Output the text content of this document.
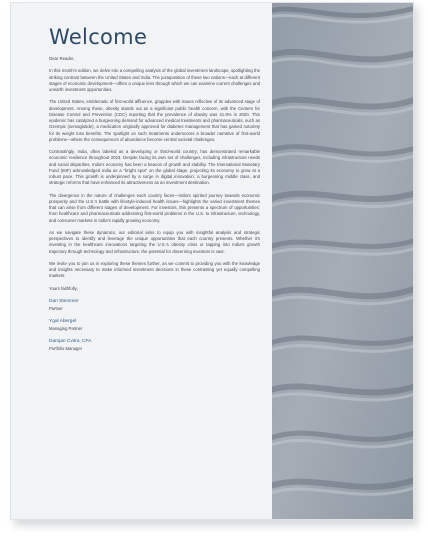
Welcome

Dear Reader,

In this month's edition, we delve into a compelling analysis of the global investment landscape, spotlighting the striking contrast between the United States and India. The juxtaposition of these two nations—each at different stages of economic development—offers a unique lens through which we can examine current challenges and unearth investment opportunities.

The United States, emblematic of first-world affluence, grapples with issues reflective of its advanced stage of development. Among these, obesity stands out as a significant public health concern, with the Centers for Disease Control and Prevention (CDC) reporting that the prevalence of obesity was 41.9% in 2020. This epidemic has catalyzed a burgeoning demand for advanced medical treatments and pharmaceuticals, such as Ozempic (semaglutide), a medication originally approved for diabetes management that has gained notoriety for its weight loss benefits. The spotlight on such treatments underscores a broader narrative of first-world problems—where the consequences of abundance become central societal challenges.

Contrastingly, India, often labeled as a developing or third-world country, has demonstrated remarkable economic resilience throughout 2023. Despite facing its own set of challenges, including infrastructure needs and social disparities, India's economy has been a beacon of growth and stability. The International Monetary Fund (IMF) acknowledged India as a "bright spot" on the global stage, projecting its economy to grow at a robust pace. This growth is underpinned by a surge in digital innovation, a burgeoning middle class, and strategic reforms that have enhanced its attractiveness as an investment destination.

The divergence in the nature of challenges each country faces—India's spirited journey towards economic prosperity and the U.S.'s battle with lifestyle-induced health issues—highlights the varied investment themes that can arise from different stages of development. For investors, this presents a spectrum of opportunities: from healthcare and pharmaceuticals addressing first-world problems in the U.S. to infrastructure, technology, and consumer markets in India's rapidly growing economy.

As we navigate these dynamics, our editorial aims to equip you with insightful analysis and strategic perspectives to identify and leverage the unique opportunities that each country presents. Whether it's investing in the healthcare innovations targeting the U.S.'s obesity crisis or tapping into India's growth trajectory through technology and infrastructure, the potential for discerning investors is vast.

We invite you to join us in exploring these themes further, as we commit to providing you with the knowledge and insights necessary to make informed investment decisions in these contrasting yet equally compelling markets.

Yours faithfully,

Dan Stemmer
Partner
Ygal Abergel
Managing Partner
Damjan Cvitra, CFA
Portfolio Manager
